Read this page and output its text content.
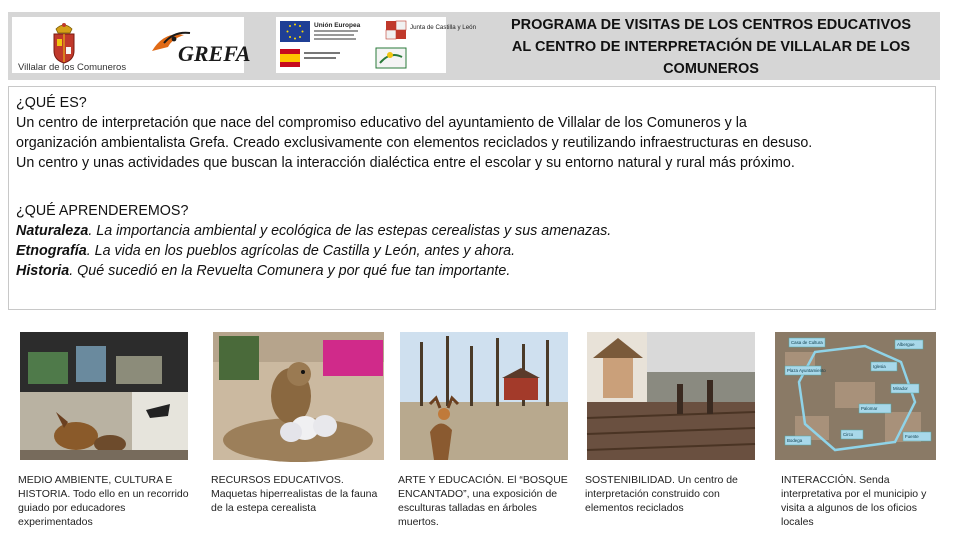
Villalar de los Comuneros
GREFA
Unión Europea	Junta de Castilla y León	PROGRAMA DE VISITAS DE LOS CENTROS EDUCATIVOS
AL CENTRO DE INTERPRETACIÓN DE VILLALAR DE LOS
COMUNEROS

¿QUÉ ES?

Un centro de interpretación que nace del compromiso educativo del ayuntamiento de Villalar de los Comuneros y la

organización ambientalista Grefa. Creado exclusivamente con elementos reciclados y reutilizando infraestructuras en desuso.

Un centro y unas actividades que buscan la interacción dialéctica entre el escolar y su entorno natural y rural más próximo.

¿QUÉ APRENDEREMOS?

Naturaleza. La importancia ambiental y ecológica de las estepas cerealistas y sus amenazas.

Etnografía. La vida en los pueblos agrícolas de Castilla y León, antes y ahora.

Historia. Qué sucedió en la Revuelta Comunera y por qué fue tan importante.

Casa de Cultura
Plaza Ayuntamiento
Iglesia
Mirador
Palomar
Circo	Fuente
Bodega
Albergue
MEDIO AMBIENTE, CULTURA E HISTORIA. Todo ello en un recorrido guiado por educadores experimentados
RECURSOS EDUCATIVOS. Maquetas hiperrealistas de la fauna de la estepa cerealista
ARTE Y EDUCACIÓN. El “BOSQUE ENCANTADO”, una exposición de esculturas talladas en árboles muertos.
SOSTENIBILIDAD. Un centro de interpretación construido con elementos reciclados
INTERACCIÓN. Senda interpretativa por el municipio y visita a algunos de los oficios locales
